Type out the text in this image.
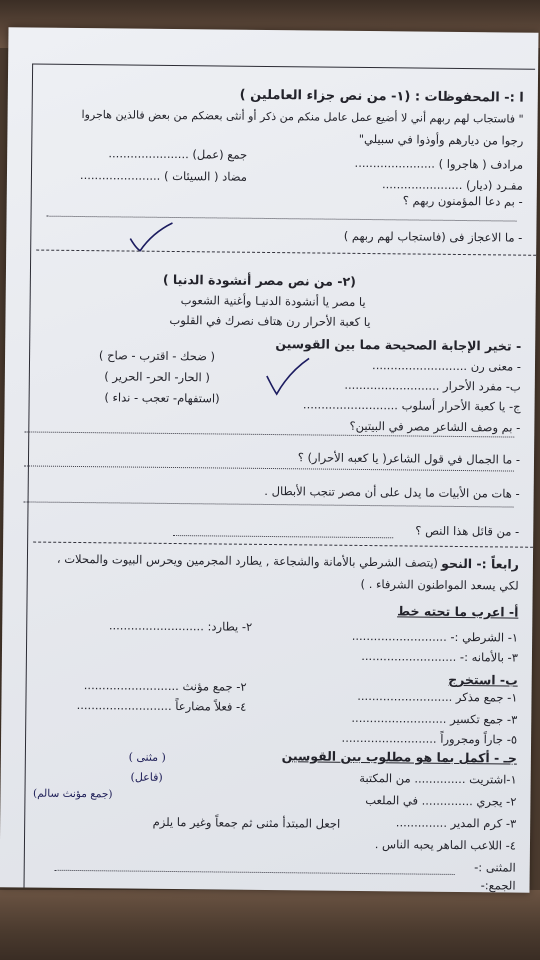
ا :- المحفوظات : (١- من نص جزاء العاملين )
" فاستجاب لهم ربهم أني لا أضيع عمل عامل منكم من ذكر أو أنثى بعضكم من بعض فالذين هاجروا
رجوا من ديارهم وأوذوا في سبيلي"
مرادف ( هاجروا ) ......................
جمع (عمل) ......................
مفـرد (ديار) ......................
مضاد ( السيئات ) ......................
- بم دعا المؤمنون ربهم ؟
- ما الاعجاز فى (فاستجاب لهم ربهم )
(٢- من نص مصر أنشودة الدنيا )
يا مصر يا أنشودة الدنيـا وأغنية الشعوب
يا كعبة الأحرار رن هتاف نصرك في القلوب
- تخير الإجابة الصحيحة مما بين القوسين
( ضحك - اقترب - صاح )
- معنى رن ..........................
( الحار- الحر- الحرير )
ب- مفرد الأحرار ..........................
(استفهام- تعجب - نداء )	ج- يا كعبة الأحرار أسلوب ..........................
- بم وصف الشاعر مصر في البيتين؟
- ما الجمال في قول الشاعر( يا كعبه الأحرار) ؟
- هات من الأبيات ما يدل على أن مصر تنجب الأبطال .
- من قائل هذا النص ؟
رابعاً :- النحو
(يتصف الشرطي بالأمانة والشجاعة , يطارد المجرمين ويحرس البيوت والمحلات ،
لكي يسعد المواطنون الشرفاء . )
أ- اعرب ما تحته خط
١- الشرطي :- ..........................
٢- يطارد: ..........................
٣- بالأمانه :- ..........................
ب- استخرج
١- جمع مذكر ..........................
٢- جمع مؤنث ..........................
٤- فعلاً مضارعاً ..........................
٣- جمع تكسير ..........................
٥- جاراً ومجروراً ..........................
جـ - أكمل بما هو مطلوب بين القوسين
١-اشتريت .............. من المكتبة
٢- يجري .............. في الملعب
٣- كرم المدير ..............
٤- اللاعب الماهر يحبه الناس .
( مثنى )
(فاعل)
(جمع مؤنث سالم)
اجعل المبتدأ مثنى ثم جمعاً وغير ما يلزم
المثنى :-
الجمع:-
